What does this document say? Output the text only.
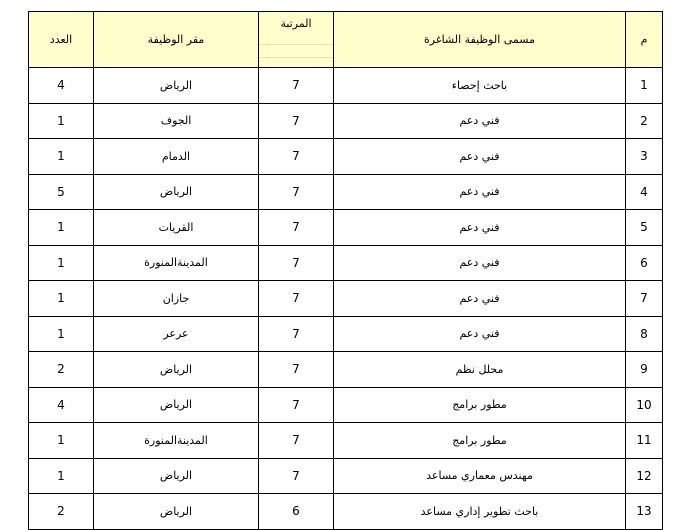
العدد	مقر الوظيفة	المرتبة	مسمى الوظيفة الشاغرة	م
4	الرياض	7	باحث إحصاء	1
1	الجوف	7	فني دعم	2
1	الدمام	7	فني دعم	3
5	الرياض	7	فني دعم	4
1	القريات	7	فني دعم	5
1	المدينةالمنورة	7	فني دعم	6
1	جازان	7	فني دعم	7
1	عرعر	7	فني دعم	8
2	الرياض	7	محلل نظم	9
4	الرياض	7	مطور برامج	10
1	المدينةالمنورة	7	مطور برامج	11
1	الرياض	7	مهندس معماري مساعد	12
2	الرياض	6	باحث تطوير إداري مساعد	13
